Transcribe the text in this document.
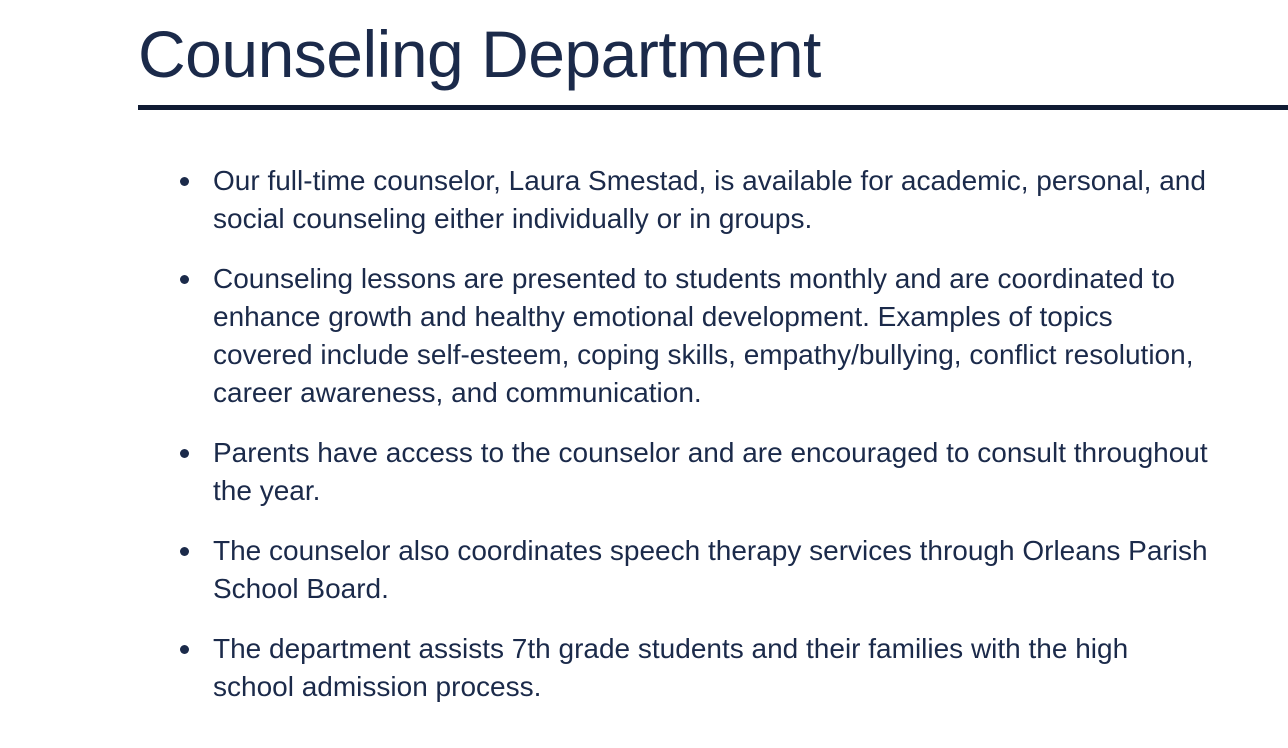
Counseling Department
Our full-time counselor, Laura Smestad, is available for academic, personal, and social counseling either individually or in groups.
Counseling lessons are presented to students monthly and are coordinated to enhance growth and healthy emotional development. Examples of topics covered include self-esteem, coping skills, empathy/bullying, conflict resolution, career awareness, and communication.
Parents have access to the counselor and are encouraged to consult throughout the year.
The counselor also coordinates speech therapy services through Orleans Parish School Board.
The department assists 7th grade students and their families with the high school admission process.
